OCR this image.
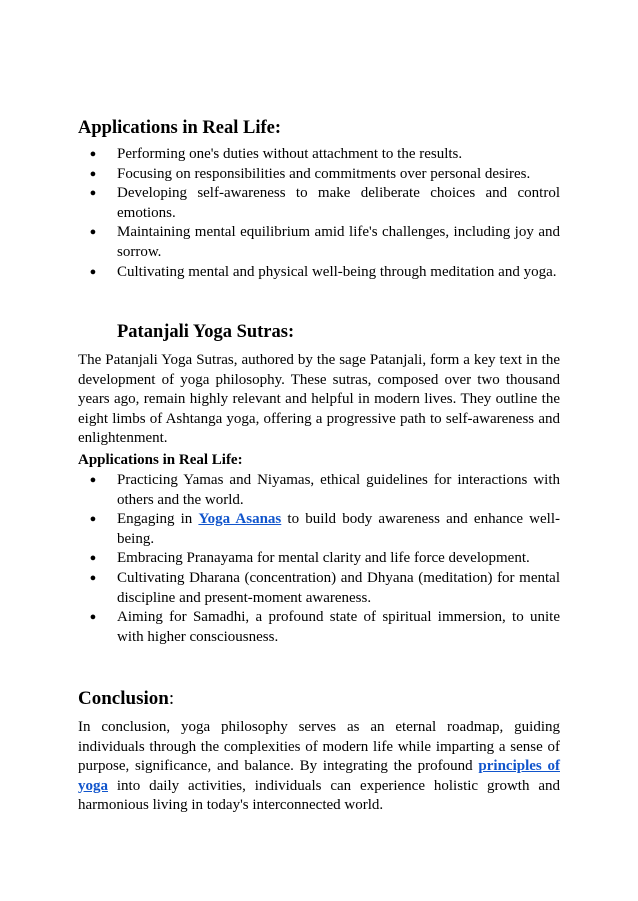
Applications in Real Life:
● Performing one's duties without attachment to the results.
● Focusing on responsibilities and commitments over personal desires.
● Developing self-awareness to make deliberate choices and control emotions.
● Maintaining mental equilibrium amid life's challenges, including joy and sorrow.
● Cultivating mental and physical well-being through meditation and yoga.
Patanjali Yoga Sutras:

The Patanjali Yoga Sutras, authored by the sage Patanjali, form a key text in the development of yoga philosophy. These sutras, composed over two thousand years ago, remain highly relevant and helpful in modern lives. They outline the eight limbs of Ashtanga yoga, offering a progressive path to self-awareness and enlightenment.

Applications in Real Life:
● Practicing Yamas and Niyamas, ethical guidelines for interactions with others and the world.
● Engaging in Yoga Asanas to build body awareness and enhance well-being.
● Embracing Pranayama for mental clarity and life force development.
● Cultivating Dharana (concentration) and Dhyana (meditation) for mental discipline and present-moment awareness.
● Aiming for Samadhi, a profound state of spiritual immersion, to unite with higher consciousness.
Conclusion:

In conclusion, yoga philosophy serves as an eternal roadmap, guiding individuals through the complexities of modern life while imparting a sense of purpose, significance, and balance. By integrating the profound principles of yoga into daily activities, individuals can experience holistic growth and harmonious living in today's interconnected world.
